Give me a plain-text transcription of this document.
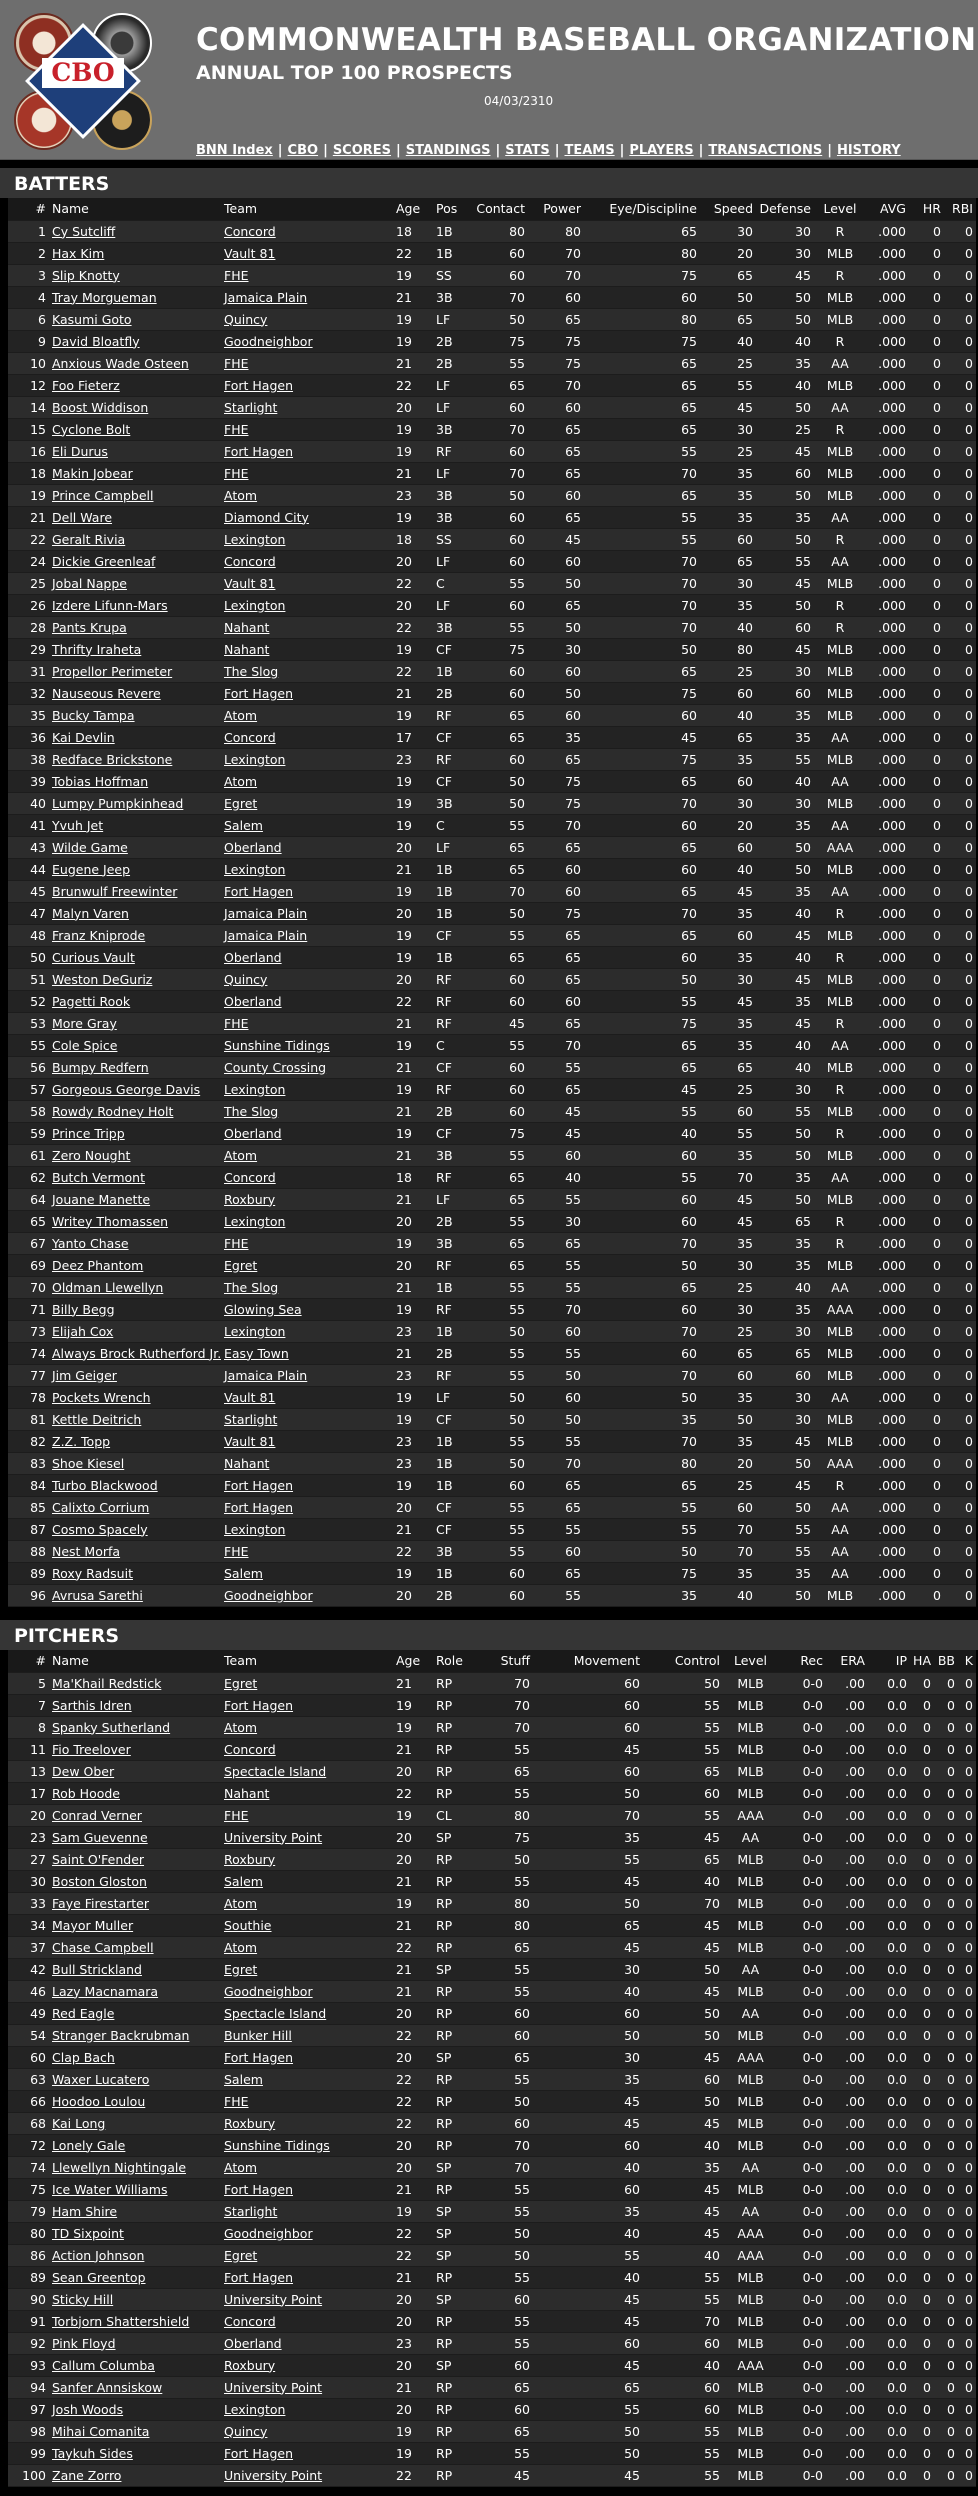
CBO
COMMONWEALTH BASEBALL ORGANIZATION
ANNUAL TOP 100 PROSPECTS
04/03/2310
BNN Index | CBO | SCORES | STANDINGS | STATS | TEAMS | PLAYERS | TRANSACTIONS | HISTORY
BATTERS
#	Name	Team	Age	Pos	Contact	Power	Eye/Discipline	Speed	Defense	Level	AVG	HR	RBI
1	Cy Sutcliff	Concord	18	1B	80	80	65	30	30	R	.000	0	0
2	Hax Kim	Vault 81	22	1B	60	70	80	20	30	MLB	.000	0	0
3	Slip Knotty	FHE	19	SS	60	70	75	65	45	R	.000	0	0
4	Tray Morgueman	Jamaica Plain	21	3B	70	60	60	50	50	MLB	.000	0	0
6	Kasumi Goto	Quincy	19	LF	50	65	80	65	50	MLB	.000	0	0
9	David Bloatfly	Goodneighbor	19	2B	75	75	75	40	40	R	.000	0	0
10	Anxious Wade Osteen	FHE	21	2B	55	75	65	25	35	AA	.000	0	0
12	Foo Fieterz	Fort Hagen	22	LF	65	70	65	55	40	MLB	.000	0	0
14	Boost Widdison	Starlight	20	LF	60	60	65	45	50	AA	.000	0	0
15	Cyclone Bolt	FHE	19	3B	70	65	65	30	25	R	.000	0	0
16	Eli Durus	Fort Hagen	19	RF	60	65	55	25	45	MLB	.000	0	0
18	Makin Jobear	FHE	21	LF	70	65	70	35	60	MLB	.000	0	0
19	Prince Campbell	Atom	23	3B	50	60	65	35	50	MLB	.000	0	0
21	Dell Ware	Diamond City	19	3B	60	65	55	35	35	AA	.000	0	0
22	Geralt Rivia	Lexington	18	SS	60	45	55	60	50	R	.000	0	0
24	Dickie Greenleaf	Concord	20	LF	60	60	70	65	55	AA	.000	0	0
25	Jobal Nappe	Vault 81	22	C	55	50	70	30	45	MLB	.000	0	0
26	Izdere Lifunn-Mars	Lexington	20	LF	60	65	70	35	50	R	.000	0	0
28	Pants Krupa	Nahant	22	3B	55	50	70	40	60	R	.000	0	0
29	Thrifty Iraheta	Nahant	19	CF	75	30	50	80	45	MLB	.000	0	0
31	Propellor Perimeter	The Slog	22	1B	60	60	65	25	30	MLB	.000	0	0
32	Nauseous Revere	Fort Hagen	21	2B	60	50	75	60	60	MLB	.000	0	0
35	Bucky Tampa	Atom	19	RF	65	60	60	40	35	MLB	.000	0	0
36	Kai Devlin	Concord	17	CF	65	35	45	65	35	AA	.000	0	0
38	Redface Brickstone	Lexington	23	RF	60	65	75	35	55	MLB	.000	0	0
39	Tobias Hoffman	Atom	19	CF	50	75	65	60	40	AA	.000	0	0
40	Lumpy Pumpkinhead	Egret	19	3B	50	75	70	30	30	MLB	.000	0	0
41	Yvuh Jet	Salem	19	C	55	70	60	20	35	AA	.000	0	0
43	Wilde Game	Oberland	20	LF	65	65	65	60	50	AAA	.000	0	0
44	Eugene Jeep	Lexington	21	1B	65	60	60	40	50	MLB	.000	0	0
45	Brunwulf Freewinter	Fort Hagen	19	1B	70	60	65	45	35	AA	.000	0	0
47	Malyn Varen	Jamaica Plain	20	1B	50	75	70	35	40	R	.000	0	0
48	Franz Kniprode	Jamaica Plain	19	CF	55	65	65	60	45	MLB	.000	0	0
50	Curious Vault	Oberland	19	1B	65	65	60	35	40	R	.000	0	0
51	Weston DeGuriz	Quincy	20	RF	60	65	50	30	45	MLB	.000	0	0
52	Pagetti Rook	Oberland	22	RF	60	60	55	45	35	MLB	.000	0	0
53	More Gray	FHE	21	RF	45	65	75	35	45	R	.000	0	0
55	Cole Spice	Sunshine Tidings	19	C	55	70	65	35	40	AA	.000	0	0
56	Bumpy Redfern	County Crossing	21	CF	60	55	65	65	40	MLB	.000	0	0
57	Gorgeous George Davis	Lexington	19	RF	60	65	45	25	30	R	.000	0	0
58	Rowdy Rodney Holt	The Slog	21	2B	60	45	55	60	55	MLB	.000	0	0
59	Prince Tripp	Oberland	19	CF	75	45	40	55	50	R	.000	0	0
61	Zero Nought	Atom	21	3B	55	60	60	35	50	MLB	.000	0	0
62	Butch Vermont	Concord	18	RF	65	40	55	70	35	AA	.000	0	0
64	Jouane Manette	Roxbury	21	LF	65	55	60	45	50	MLB	.000	0	0
65	Writey Thomassen	Lexington	20	2B	55	30	60	45	65	R	.000	0	0
67	Yanto Chase	FHE	19	3B	65	65	70	35	35	R	.000	0	0
69	Deez Phantom	Egret	20	RF	65	55	50	30	35	MLB	.000	0	0
70	Oldman Llewellyn	The Slog	21	1B	55	55	65	25	40	AA	.000	0	0
71	Billy Begg	Glowing Sea	19	RF	55	70	60	30	35	AAA	.000	0	0
73	Elijah Cox	Lexington	23	1B	50	60	70	25	30	MLB	.000	0	0
74	Always Brock Rutherford Jr.	Easy Town	21	2B	55	55	60	65	65	MLB	.000	0	0
77	Jim Geiger	Jamaica Plain	23	RF	55	50	70	60	60	MLB	.000	0	0
78	Pockets Wrench	Vault 81	19	LF	50	60	50	35	30	AA	.000	0	0
81	Kettle Deitrich	Starlight	19	CF	50	50	35	50	30	MLB	.000	0	0
82	Z.Z. Topp	Vault 81	23	1B	55	55	70	35	45	MLB	.000	0	0
83	Shoe Kiesel	Nahant	23	1B	50	70	80	20	50	AAA	.000	0	0
84	Turbo Blackwood	Fort Hagen	19	1B	60	65	65	25	45	R	.000	0	0
85	Calixto Corrium	Fort Hagen	20	CF	55	65	55	60	50	AA	.000	0	0
87	Cosmo Spacely	Lexington	21	CF	55	55	55	70	55	AA	.000	0	0
88	Nest Morfa	FHE	22	3B	55	60	50	70	55	AA	.000	0	0
89	Roxy Radsuit	Salem	19	1B	60	65	75	35	35	AA	.000	0	0
96	Avrusa Sarethi	Goodneighbor	20	2B	60	55	35	40	50	MLB	.000	0	0
PITCHERS
#	Name	Team	Age	Role	Stuff	Movement	Control	Level	Rec	ERA	IP	HA	BB	K
5	Ma'Khail Redstick	Egret	21	RP	70	60	50	MLB	0-0	.00	0.0	0	0	0
7	Sarthis Idren	Fort Hagen	19	RP	70	60	55	MLB	0-0	.00	0.0	0	0	0
8	Spanky Sutherland	Atom	19	RP	70	60	55	MLB	0-0	.00	0.0	0	0	0
11	Fio Treelover	Concord	21	RP	55	45	55	MLB	0-0	.00	0.0	0	0	0
13	Dew Ober	Spectacle Island	20	RP	65	60	65	MLB	0-0	.00	0.0	0	0	0
17	Rob Hoode	Nahant	22	RP	55	50	60	MLB	0-0	.00	0.0	0	0	0
20	Conrad Verner	FHE	19	CL	80	70	55	AAA	0-0	.00	0.0	0	0	0
23	Sam Guevenne	University Point	20	SP	75	35	45	AA	0-0	.00	0.0	0	0	0
27	Saint O'Fender	Roxbury	20	RP	50	55	65	MLB	0-0	.00	0.0	0	0	0
30	Boston Gloston	Salem	21	RP	55	45	40	MLB	0-0	.00	0.0	0	0	0
33	Faye Firestarter	Atom	19	RP	80	50	70	MLB	0-0	.00	0.0	0	0	0
34	Mayor Muller	Southie	21	RP	80	65	45	MLB	0-0	.00	0.0	0	0	0
37	Chase Campbell	Atom	22	RP	65	45	45	MLB	0-0	.00	0.0	0	0	0
42	Bull Strickland	Egret	21	SP	55	30	50	AA	0-0	.00	0.0	0	0	0
46	Lazy Macnamara	Goodneighbor	21	RP	55	40	45	MLB	0-0	.00	0.0	0	0	0
49	Red Eagle	Spectacle Island	20	RP	60	60	50	AA	0-0	.00	0.0	0	0	0
54	Stranger Backrubman	Bunker Hill	22	RP	60	50	50	MLB	0-0	.00	0.0	0	0	0
60	Clap Bach	Fort Hagen	20	SP	65	30	45	AAA	0-0	.00	0.0	0	0	0
63	Waxer Lucatero	Salem	22	RP	55	35	60	MLB	0-0	.00	0.0	0	0	0
66	Hoodoo Loulou	FHE	22	RP	50	45	50	MLB	0-0	.00	0.0	0	0	0
68	Kai Long	Roxbury	22	RP	60	45	45	MLB	0-0	.00	0.0	0	0	0
72	Lonely Gale	Sunshine Tidings	20	RP	70	60	40	MLB	0-0	.00	0.0	0	0	0
74	Llewellyn Nightingale	Atom	20	SP	70	40	35	AA	0-0	.00	0.0	0	0	0
75	Ice Water Williams	Fort Hagen	21	RP	55	60	45	MLB	0-0	.00	0.0	0	0	0
79	Ham Shire	Starlight	19	SP	55	35	45	AA	0-0	.00	0.0	0	0	0
80	TD Sixpoint	Goodneighbor	22	SP	50	40	45	AAA	0-0	.00	0.0	0	0	0
86	Action Johnson	Egret	22	SP	50	55	40	AAA	0-0	.00	0.0	0	0	0
89	Sean Greentop	Fort Hagen	21	RP	55	40	55	MLB	0-0	.00	0.0	0	0	0
90	Sticky Hill	University Point	20	SP	60	45	55	MLB	0-0	.00	0.0	0	0	0
91	Torbjorn Shattershield	Concord	20	RP	55	45	70	MLB	0-0	.00	0.0	0	0	0
92	Pink Floyd	Oberland	23	RP	55	60	60	MLB	0-0	.00	0.0	0	0	0
93	Callum Columba	Roxbury	20	SP	60	45	40	AAA	0-0	.00	0.0	0	0	0
94	Sanfer Annsiskow	University Point	21	RP	65	65	60	MLB	0-0	.00	0.0	0	0	0
97	Josh Woods	Lexington	20	RP	60	55	60	MLB	0-0	.00	0.0	0	0	0
98	Mihai Comanita	Quincy	19	RP	65	50	55	MLB	0-0	.00	0.0	0	0	0
99	Taykuh Sides	Fort Hagen	19	RP	55	50	55	MLB	0-0	.00	0.0	0	0	0
100	Zane Zorro	University Point	22	RP	45	45	55	MLB	0-0	.00	0.0	0	0	0
